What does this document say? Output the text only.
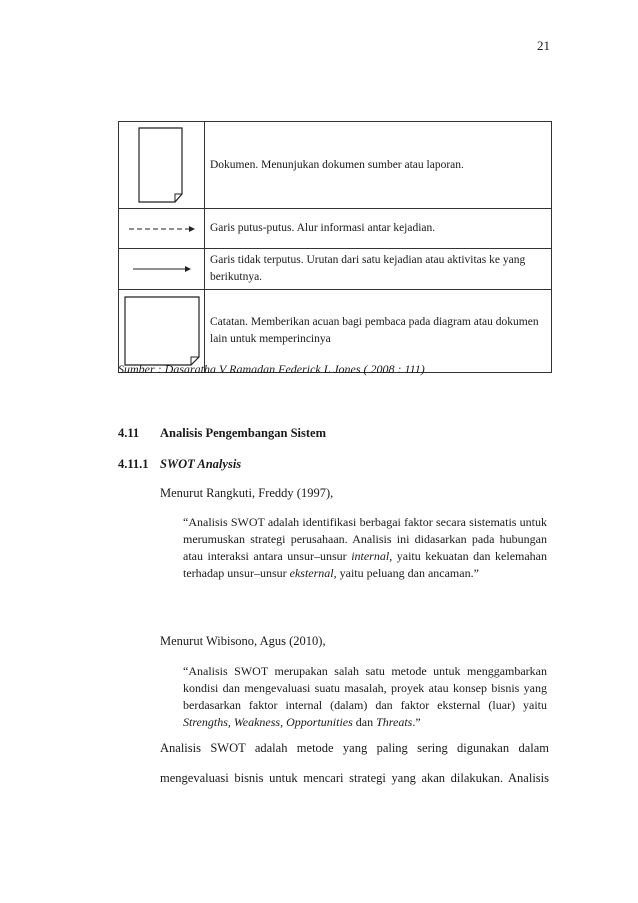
21
	Dokumen. Menunjukan dokumen sumber atau laporan.

	Garis putus-putus. Alur informasi antar kejadian.

	Garis tidak terputus. Urutan dari satu kejadian atau aktivitas ke yang berikutnya.

	Catatan. Memberikan acuan bagi pembaca pada diagram atau dokumen lain untuk memperincinya
Sumber : Dasaratha V Ramadan Federick L Jones ( 2008 : 111)
4.11 Analisis Pengembangan Sistem
4.11.1 SWOT Analysis
Menurut Rangkuti, Freddy (1997),
“Analisis SWOT adalah identifikasi berbagai faktor secara sistematis untuk merumuskan strategi perusahaan. Analisis ini didasarkan pada hubungan atau interaksi antara unsur–unsur internal, yaitu kekuatan dan kelemahan terhadap unsur–unsur eksternal, yaitu peluang dan ancaman.”
Menurut Wibisono, Agus (2010),
“Analisis SWOT merupakan salah satu metode untuk menggambarkan kondisi dan mengevaluasi suatu masalah, proyek atau konsep bisnis yang berdasarkan faktor internal (dalam) dan faktor eksternal (luar) yaitu Strengths, Weakness, Opportunities dan Threats.”
Analisis SWOT adalah metode yang paling sering digunakan dalam
mengevaluasi bisnis untuk mencari strategi yang akan dilakukan. Analisis
